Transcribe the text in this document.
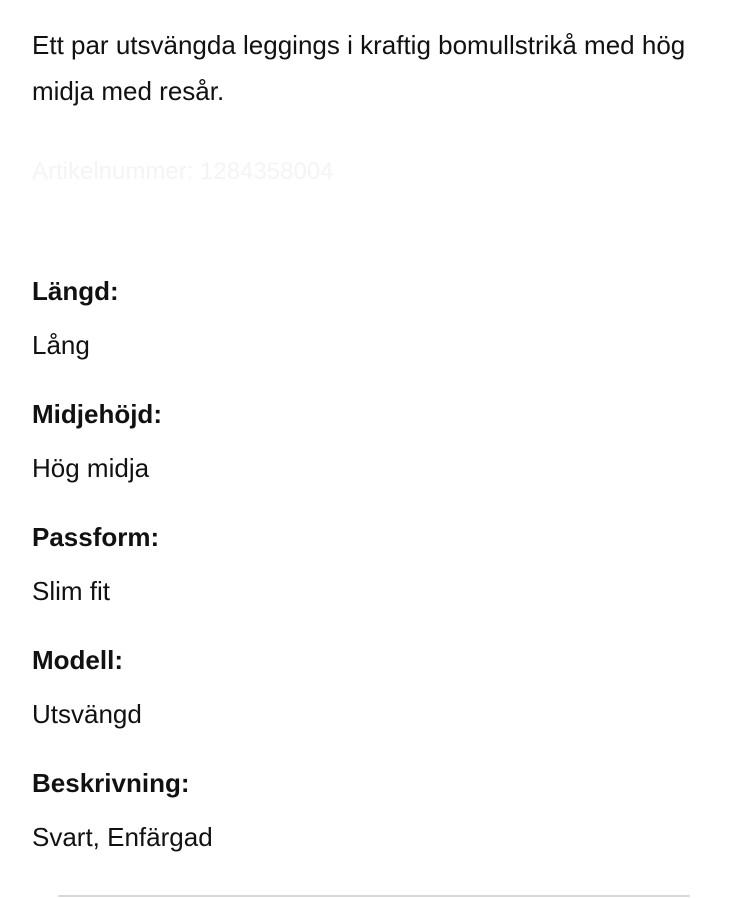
Ett par utsvängda leggings i kraftig bomullstrikå med hög midja med resår.

Artikelnummer: 1284358004
Längd:
Lång
Midjehöjd:
Hög midja
Passform:
Slim fit
Modell:
Utsvängd
Beskrivning:
Svart, Enfärgad
